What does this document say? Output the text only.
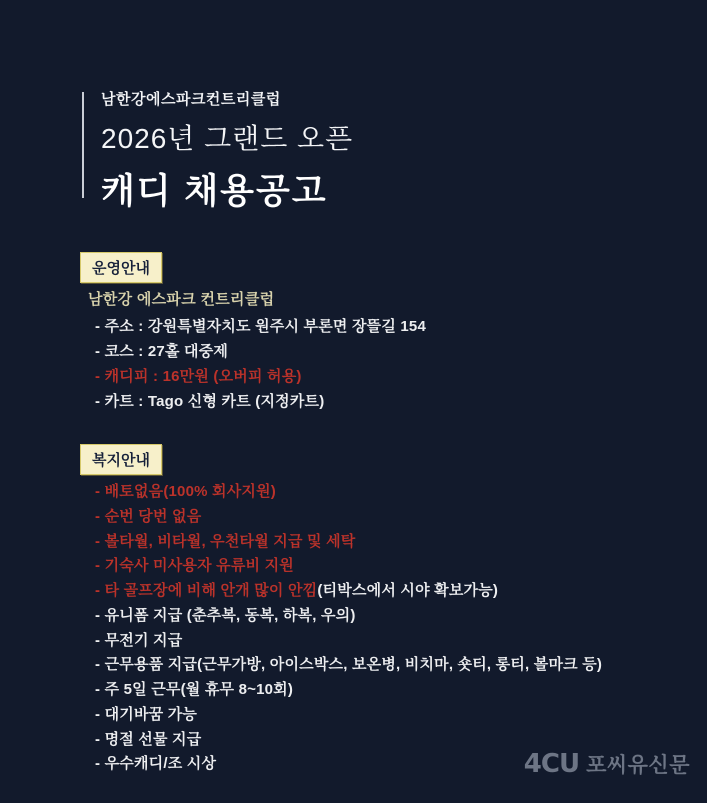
남한강에스파크컨트리클럽
2026년 그랜드 오픈
캐디 채용공고
운영안내
남한강 에스파크 컨트리클럽
- 주소 : 강원특별자치도 원주시 부론면 장뜰길 154
- 코스 : 27홀 대중제
- 캐디피 : 16만원 (오버피 허용)
- 카트 : Tago 신형 카트 (지정카트)
복지안내
- 배토없음(100% 회사지원)
- 순번 당번 없음
- 볼타월, 비타월, 우천타월 지급 및 세탁
- 기숙사 미사용자 유류비 지원
- 타 골프장에 비해 안개 많이 안낌(티박스에서 시야 확보가능)
- 유니폼 지급 (춘추복, 동복, 하복, 우의)
- 무전기 지급
- 근무용품 지급(근무가방, 아이스박스, 보온병, 비치마, 숏티, 롱티, 볼마크 등)
- 주 5일 근무(월 휴무 8~10회)
- 대기바꿈 가능
- 명절 선물 지급
- 우수캐디/조 시상	4CU 포씨유신문
